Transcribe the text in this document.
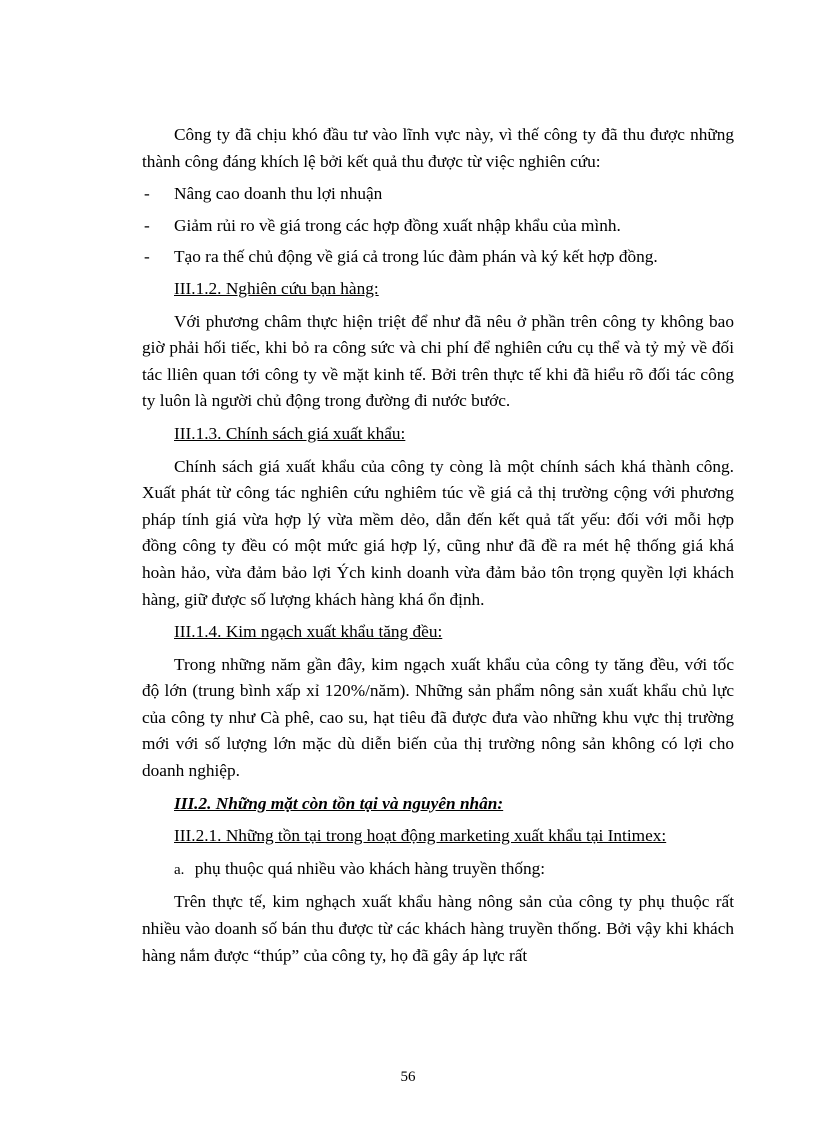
Công ty đã chịu khó đầu tư vào lĩnh vực này, vì thế công ty đã thu được những thành công đáng khích lệ bởi kết quả thu được từ việc nghiên cứu:

- Nâng cao doanh thu lợi nhuận
- Giảm rủi ro về giá trong các hợp đồng xuất nhập khẩu của mình.
- Tạo ra thế chủ động về giá cả trong lúc đàm phán và ký kết hợp đồng.
III.1.2. Nghiên cứu bạn hàng:

Với phương châm thực hiện triệt để như đã nêu ở phần trên công ty không bao giờ phải hối tiếc, khi bỏ ra công sức và chi phí để nghiên cứu cụ thể và tỷ mỷ về đối tác lliên quan tới công ty về mặt kinh tế. Bởi trên thực tế khi đã hiểu rõ đối tác công ty luôn là người chủ động trong đường đi nước bước.

III.1.3. Chính sách giá xuất khẩu:

Chính sách giá xuất khẩu của công ty còng là một chính sách khá thành công. Xuất phát từ công tác nghiên cứu nghiêm túc về giá cả thị trường cộng với phương pháp tính giá vừa hợp lý vừa mềm dẻo, dẫn đến kết quả tất yếu: đối với mỗi hợp đồng công ty đều có một mức giá hợp lý, cũng như đã đề ra mét hệ thống giá khá hoàn hảo, vừa đảm bảo lợi Ých kinh doanh vừa đảm bảo tôn trọng quyền lợi khách hàng, giữ được số lượng khách hàng khá ổn định.

III.1.4. Kim ngạch xuất khẩu tăng đều:

Trong những năm gần đây, kim ngạch xuất khẩu của công ty tăng đều, với tốc độ lớn (trung bình xấp xỉ 120%/năm). Những sản phẩm nông sản xuất khẩu chủ lực của công ty như Cà phê, cao su, hạt tiêu đã được đưa vào những khu vực thị trường mới với số lượng lớn mặc dù diễn biến của thị trường nông sản không có lợi cho doanh nghiệp.

III.2. Những mặt còn tồn tại và nguyên nhân:
III.2.1. Những tồn tại trong hoạt động marketing xuất khẩu tại Intimex:
a. phụ thuộc quá nhiều vào khách hàng truyền thống:

Trên thực tế, kim nghạch xuất khẩu hàng nông sản của công ty phụ thuộc rất nhiều vào doanh số bán thu được từ các khách hàng truyền thống. Bởi vậy khi khách hàng nắm được “thúp” của công ty, họ đã gây áp lực rất

56
